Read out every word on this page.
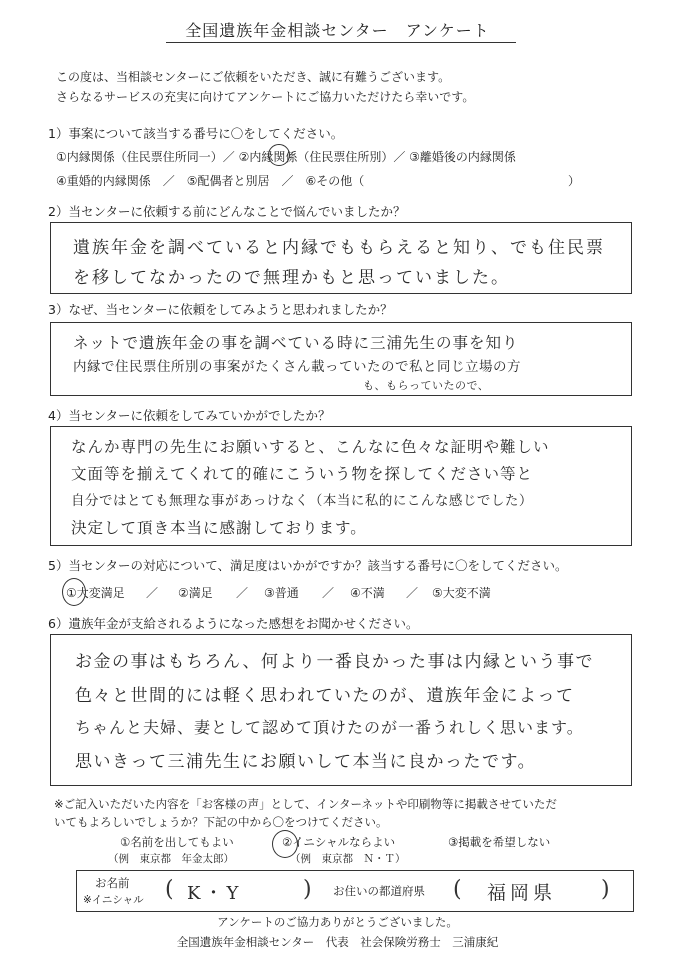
全国遺族年金相談センター　アンケート
この度は、当相談センターにご依頼をいただき、誠に有難うございます。
さらなるサービスの充実に向けてアンケートにご協力いただけたら幸いです。
1）事案について該当する番号に〇をしてください。
①内縁関係（住民票住所同一）／ ②内縁関係（住民票住所別）／ ③離婚後の内縁関係
④重婚的内縁関係　／　⑤配偶者と別居　／　⑥その他（	）
2）当センターに依頼する前にどんなことで悩んでいましたか？
遺族年金を調べていると内縁でももらえると知り、でも住民票
を移してなかったので無理かもと思っていました。
3）なぜ、当センターに依頼をしてみようと思われましたか？
ネットで遺族年金の事を調べている時に三浦先生の事を知り
内縁で住民票住所別の事案がたくさん載っていたので私と同じ立場の方
も、もらっていたので、
4）当センターに依頼をしてみていかがでしたか？
なんか専門の先生にお願いすると、こんなに色々な証明や難しい
文面等を揃えてくれて的確にこういう物を探してください等と
自分ではとても無理な事があっけなく（本当に私的にこんな感じでした）
決定して頂き本当に感謝しております。
5）当センターの対応について、満足度はいかがですか？該当する番号に〇をしてください。
①大変満足 ／ ②満足 ／ ③普通 ／ ④不満 ／ ⑤大変不満
6）遺族年金が支給されるようになった感想をお聞かせください。
お金の事はもちろん、何より一番良かった事は内縁という事で
色々と世間的には軽く思われていたのが、遺族年金によって
ちゃんと夫婦、妻として認めて頂けたのが一番うれしく思います。
思いきって三浦先生にお願いして本当に良かったです。
※ご記入いただいた内容を「お客様の声」として、インターネットや印刷物等に掲載させていただ
いてもよろしいでしょうか？下記の中から〇をつけてください。
①名前を出してもよい
（例　東京都　年金太郎）
②イニシャルならよい
（例　東京都　Ｎ・Ｔ）
③掲載を希望しない
お名前
※イニシャル ( K・Y	) お住いの都道府県 ( 福岡県 )
アンケートのご協力ありがとうございました。
全国遺族年金相談センター　代表　社会保険労務士　三浦康紀
